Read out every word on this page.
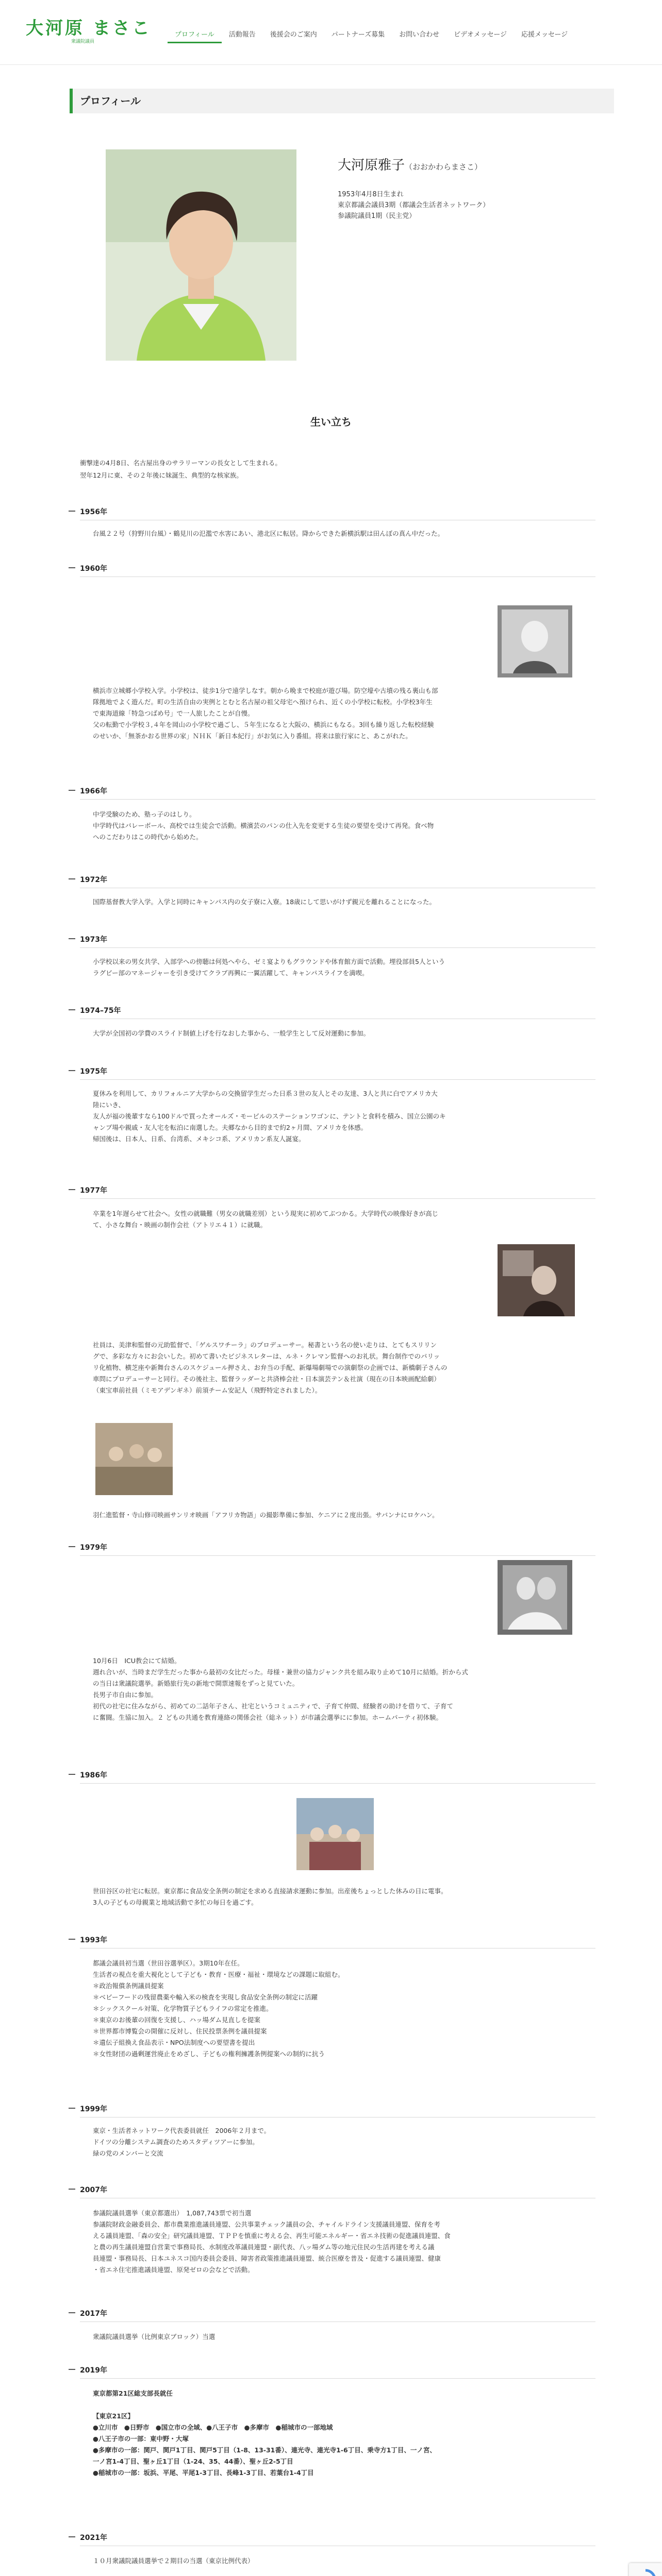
大河原 まさこ
衆議院議員
プロフィール	活動報告	後援会のご案内	パートナーズ募集	お問い合わせ	ビデオメッセージ	応援メッセージ
プロフィール
大河原雅子（おおかわらまさこ）
1953年4月8日生まれ
東京都議会議員3期（都議会生活者ネットワーク）
参議院議員1期（民主党）
生い立ち
衝撃達の4月8日、名古屋出身のサラリーマンの長女として生まれる。
翌年12月に東、その２年後に妹誕生、典型的な核家族。
1956年
台風２２号（狩野川台風）・鶴見川の氾濫で水害にあい、港北区に転居。降からできた新横浜駅は田んぼの真ん中だった。
1960年
横浜市立城郷小学校入学。小学校は、徒歩1分で遠学しなす。朝から晩まで校庭が遊び場。防空壕や古墳の残る裏山も部
隊拠地でよく遊んだ。町の生活自由の実例ととむと名古屋の祖父母宅へ預けられ、近くの小学校に転校。小学校3年生
で東海道線「特急つばめ号」で一人旅したことが自慢。
父の転勤で小学校３,４年を岡山の小学校で過ごし、５年生になると大阪の、横浜にもなる。3回も繰り返した転校経験
のせいか、「無茶かおる世界の家」ＮＨＫ「新日本紀行」がお気に入り番組。将来は旅行家にと、あこがれた。
1966年
中学受験のため、塾っ子のはしり。
中学時代はバレーボール、高校では生徒会で活動。横濱芸のパンの仕入先を変更する生徒の要望を受けて再発。食べ物
へのこだわりはこの時代から始めた。
1972年
国際基督教大学入学。入学と同時にキャンパス内の女子寮に入寮。18歳にして思いがけず親元を離れることになった。
1973年
小学校以来の男女共学、入部学への傍聴は何処へやら、ゼミ宴よりもグラウンドや体育館方面で活動。埋役部員5人という
ラグビー部のマネージャーを引き受けてクラブ再興に一翼活躍して、キャンパスライフを満喫。
1974–75年
大学が全国初の学費のスライド制値上げを行なおした事から、一般学生として反対運動に参加。
1975年
夏休みを利用して、カリフォルニア大学からの交換留学生だった日系３世の友人とその友達、3人と共に白でアメリカ大
陸にいき、
友人が福の後輩すなら100ドルで買ったオールズ・モービルのステーションワゴンに、テントと食料を積み、国立公園のキ
ャンプ場や親戚・友人宅を転泊に南選した。夫郷なから目的まで約2ヶ月間、アメリカを体感。
帰国後は、日本人、日系、台湾系、メキシコ系、アメリカン系友人誕宴。
1977年
卒業を1年遅らせて社会へ。女性の就職難（男女の就職差別）という現実に初めてぶつかる。大学時代の映像好きが高じ
て、小さな舞台・映画の制作会社（アトリエ４１）に就職。
社員は、美津和監督の元助監督で、「ゲルスワチーラ」のプロデューサー。秘書という名の使い走りは、とてもスリリン
グで、多彩な方々にお会いした。初めて書いたビジネスレターは、ルネ・クレマン監督へのお礼状。舞台制作でのパリッ
リ化植物、横芝座や新舞台さんのスケジュール押さえ、お弁当の手配、新爆場劇場での演劇祭の企画では、新橋劇子さんの
車問にプロデューサーと同行。その後社主、監督ラッダーと共済棒会社・日本演芸テン＆社演（現在の日本映画配給劇）
（東宝車前社員（ミモアデンギネ）前須チーム安記人（飛野特定されました）。
羽仁進監督・寺山修司映画サンリオ映画「アフリカ物語」の撮影準備に参加、ケニアに２度出張。サバンナにロケハン。
1979年
10月6日　ICU教会にて結婚。
週れ合いが、当時まだ学生だった事から最初の女比だった。母様・兼世の協力ジャンク共を組み取り止めて10月に結婚。折から式
の当日は衆議院選挙。新婚旅行先の新地で開票速報をずっと見ていた。
長男子市自由に参加。
初代の社宅に住みながら、初めての二話年子さん、社宅というコミュニティで、子育て仲間、経験者の助けを借りて、子育て
に奮闘。生協に加入。２ どもの共通を教育連絡の関係会社（総ネット）が市議会選挙にに参加。ホームパーティ初体験。
1986年
世田谷区の社宅に転居。東京都に食品安全条例の制定を求める直接請求運動に参加。出産後ちょっとした休みの日に電事。
3人の子どもの母親業と地域活動で多忙の毎日を過ごす。
1993年
都議会議員初当選（世田谷選挙区）。3期10年在任。
生活者の視点を重大視化として子ども・教育・医療・福祉・環境などの課題に取組む。
＊政治報償条例議員提案
＊ベビーフードの残留農薬や輸入米の検査を実現し食品安全条例の制定に活躍
＊シックスクール対策、化学物質子どもライフの常定を推進。
＊東京のお後輩の回復を支援し、ハッ場ダム見直しを提案
＊世界都市博覧会の開催に反対し、住民投票条例を議員提案
＊遺伝子組換え食品表示・NPO法制度への要望書を提出
＊女性財団の過剰運営廃止をめざし、子どもの権利擁護条例提案への制約に抗う
1999年
東京・生活者ネットワーク代表委員就任　2006年２月まで。
ドイツの分離システム調査のためスタディツアーに参加。
緑の党のメンバーと交流
2007年
参議院議員選挙（東京都選出）　1,087,743票で初当選
参議院財政金融委員会、都市農業推進議員連盟、公共事業チェック議員の会、チャイルドライン支援議員連盟、保育を考
える議員連盟、「森の安全」研究議員連盟、ＴＰＰを慎重に考える会、再生可能エネルギー・省エネ技術の促進議員連盟、食
と農の再生議員連盟自営業で事務局長、水制度改革議員連盟・副代表、八ッ場ダム等の地元住民の生活再建を考える議
員連盟・事務局長、日本ユネスコ国内委員会委員、障害者政策推進議員連盟、統合医療を普及・促進する議員連盟、健康
・省エネ住宅推進議員連盟、原発ゼロの会などで活動。
2017年
衆議院議員選挙（比例東京ブロック）当選
2019年
東京都第21区総支部長就任

【東京21区】
●立川市　●日野市　●国立市の全域、●八王子市　●多摩市　●稲城市の一部地域
●八王子市の一部：東中野・大塚
●多摩市の一部：関戸、関戸1丁目、関戸5丁目（1-8、13-31番）、連光寺、連光寺1-6丁目、乗寺方1丁目、一ノ宮、
一ノ宮1-4丁目、聖ヶ丘1丁目（1-24、35、44番）、聖ヶ丘2-5丁目
●稲城市の一部：坂浜、平尾、平尾1-3丁目、長峰1-3丁目、若葉台1-4丁目
2021年
１０月衆議院議員選挙で２期目の当選（東京比例代表）
